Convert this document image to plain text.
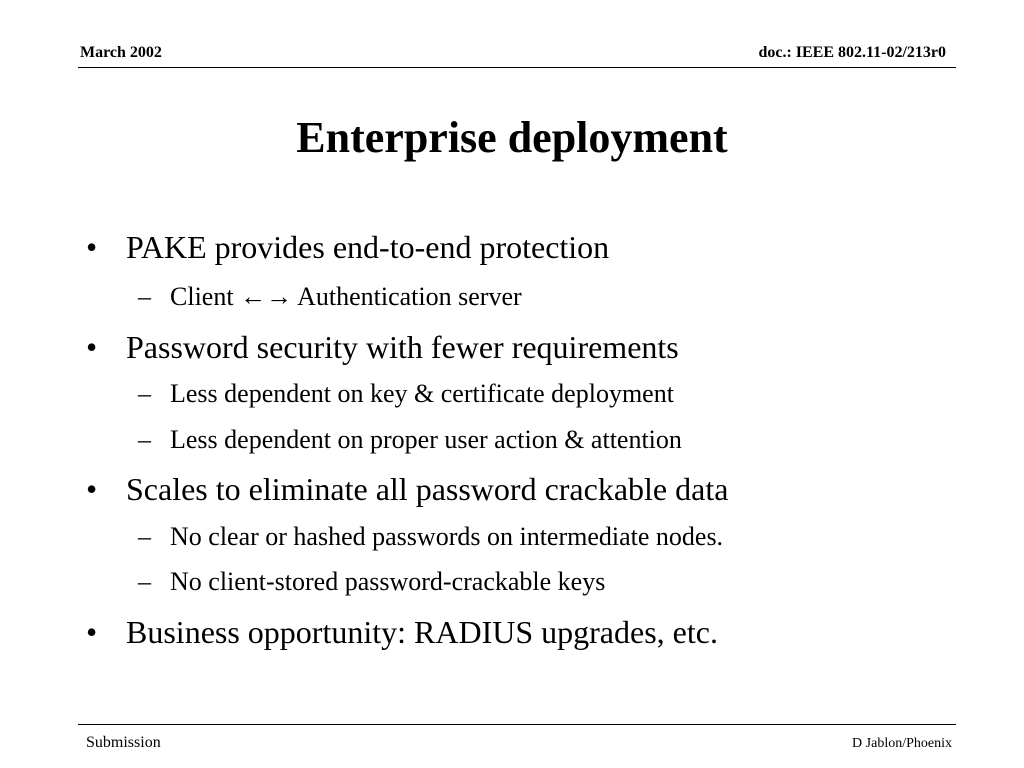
March 2002	doc.: IEEE 802.11-02/213r0
Enterprise deployment
• PAKE provides end-to-end protection
– Client ←→ Authentication server
• Password security with fewer requirements
– Less dependent on key & certificate deployment
– Less dependent on proper user action & attention
• Scales to eliminate all password crackable data
– No clear or hashed passwords on intermediate nodes.
– No client-stored password-crackable keys
• Business opportunity: RADIUS upgrades, etc.
Submission	D Jablon/Phoenix
